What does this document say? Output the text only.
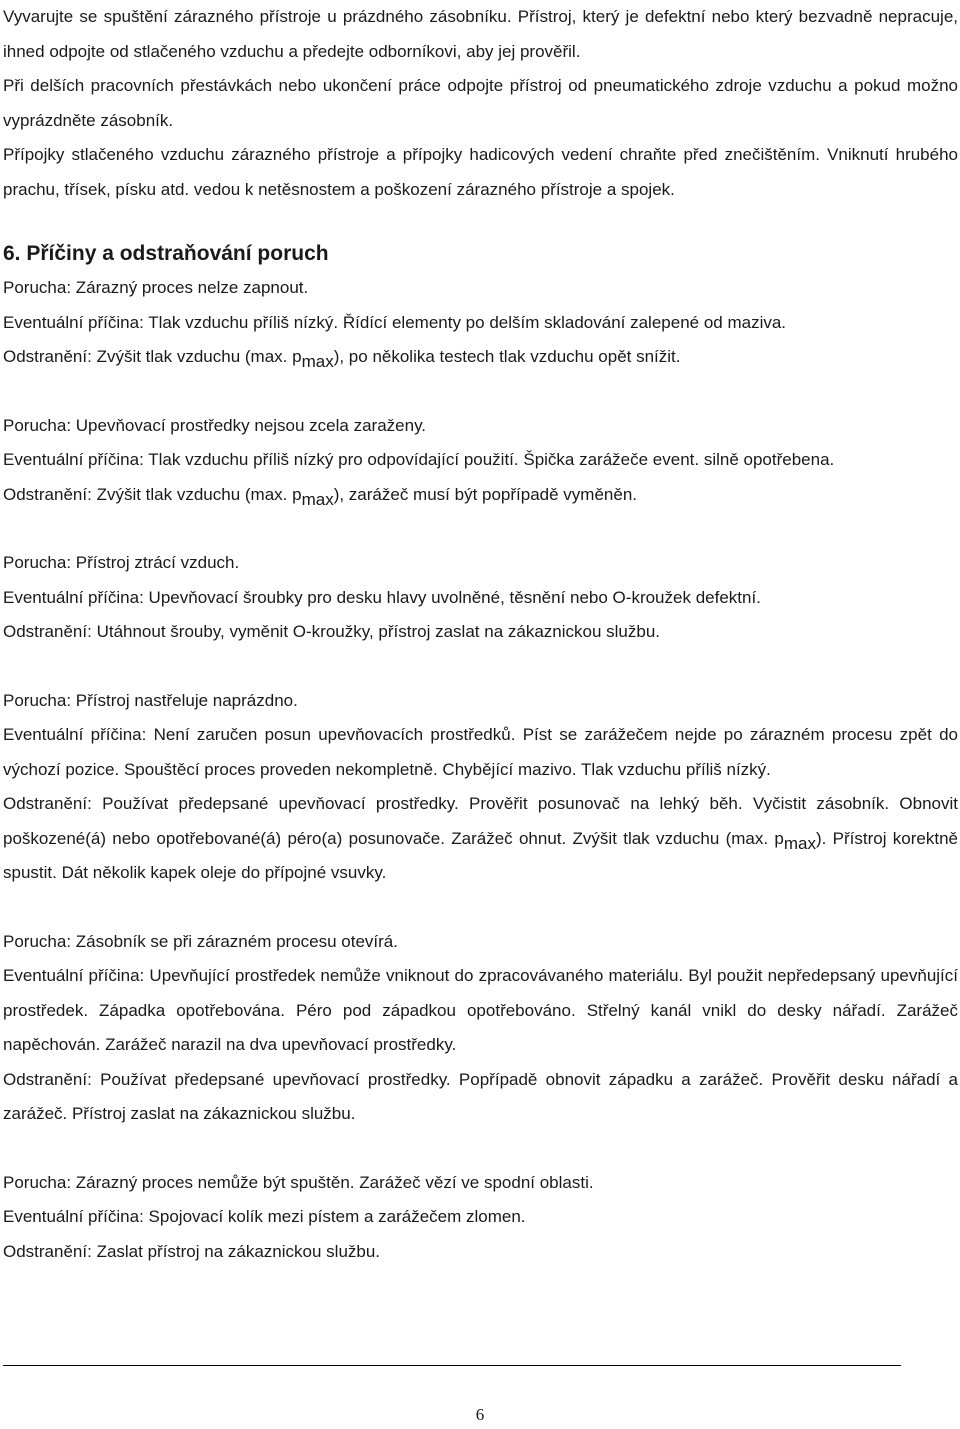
Vyvarujte se spuštění zárazného přístroje u prázdného zásobníku. Přístroj, který je defektní nebo který bezvadně nepracuje, ihned odpojte od stlačeného vzduchu a předejte odborníkovi, aby jej prověřil.

Při delších pracovních přestávkách nebo ukončení práce odpojte přístroj od pneumatického zdroje vzduchu a pokud možno vyprázdněte zásobník.

Přípojky stlačeného vzduchu zárazného přístroje a přípojky hadicových vedení chraňte před znečištěním. Vniknutí hrubého prachu, třísek, písku atd. vedou k netěsnostem a poškození zárazného přístroje a spojek.

6. Příčiny a odstraňování poruch

Porucha: Zárazný proces nelze zapnout.

Eventuální příčina: Tlak vzduchu příliš nízký. Řídící elementy po delším skladování zalepené od maziva.

Odstranění: Zvýšit tlak vzduchu (max. pmax), po několika testech tlak vzduchu opět snížit.

Porucha: Upevňovací prostředky nejsou zcela zaraženy.

Eventuální příčina: Tlak vzduchu příliš nízký pro odpovídající použití. Špička zarážeče event. silně opotřebena.

Odstranění: Zvýšit tlak vzduchu (max. pmax), zarážeč musí být popřípadě vyměněn.

Porucha: Přístroj ztrácí vzduch.

Eventuální příčina: Upevňovací šroubky pro desku hlavy uvolněné, těsnění nebo O-kroužek defektní.

Odstranění: Utáhnout šrouby, vyměnit O-kroužky, přístroj zaslat na zákaznickou službu.

Porucha: Přístroj nastřeluje naprázdno.

Eventuální příčina: Není zaručen posun upevňovacích prostředků. Píst se zarážečem nejde po zárazném procesu zpět do výchozí pozice. Spouštěcí proces proveden nekompletně. Chybějící mazivo. Tlak vzduchu příliš nízký.

Odstranění: Používat předepsané upevňovací prostředky. Prověřit posunovač na lehký běh. Vyčistit zásobník. Obnovit poškozené(á) nebo opotřebované(á) péro(a) posunovače. Zarážeč ohnut. Zvýšit tlak vzduchu (max. pmax). Přístroj korektně spustit. Dát několik kapek oleje do přípojné vsuvky.

Porucha: Zásobník se při zárazném procesu otevírá.

Eventuální příčina: Upevňující prostředek nemůže vniknout do zpracovávaného materiálu. Byl použit nepředepsaný upevňující prostředek. Západka opotřebována. Péro pod západkou opotřebováno. Střelný kanál vnikl do desky nářadí. Zarážeč napěchován. Zarážeč narazil na dva upevňovací prostředky.

Odstranění: Používat předepsané upevňovací prostředky. Popřípadě obnovit západku a zarážeč. Prověřit desku nářadí a zarážeč. Přístroj zaslat na zákaznickou službu.

Porucha: Zárazný proces nemůže být spuštěn. Zarážeč vězí ve spodní oblasti.

Eventuální příčina: Spojovací kolík mezi pístem a zarážečem zlomen.

Odstranění: Zaslat přístroj na zákaznickou službu.

6
